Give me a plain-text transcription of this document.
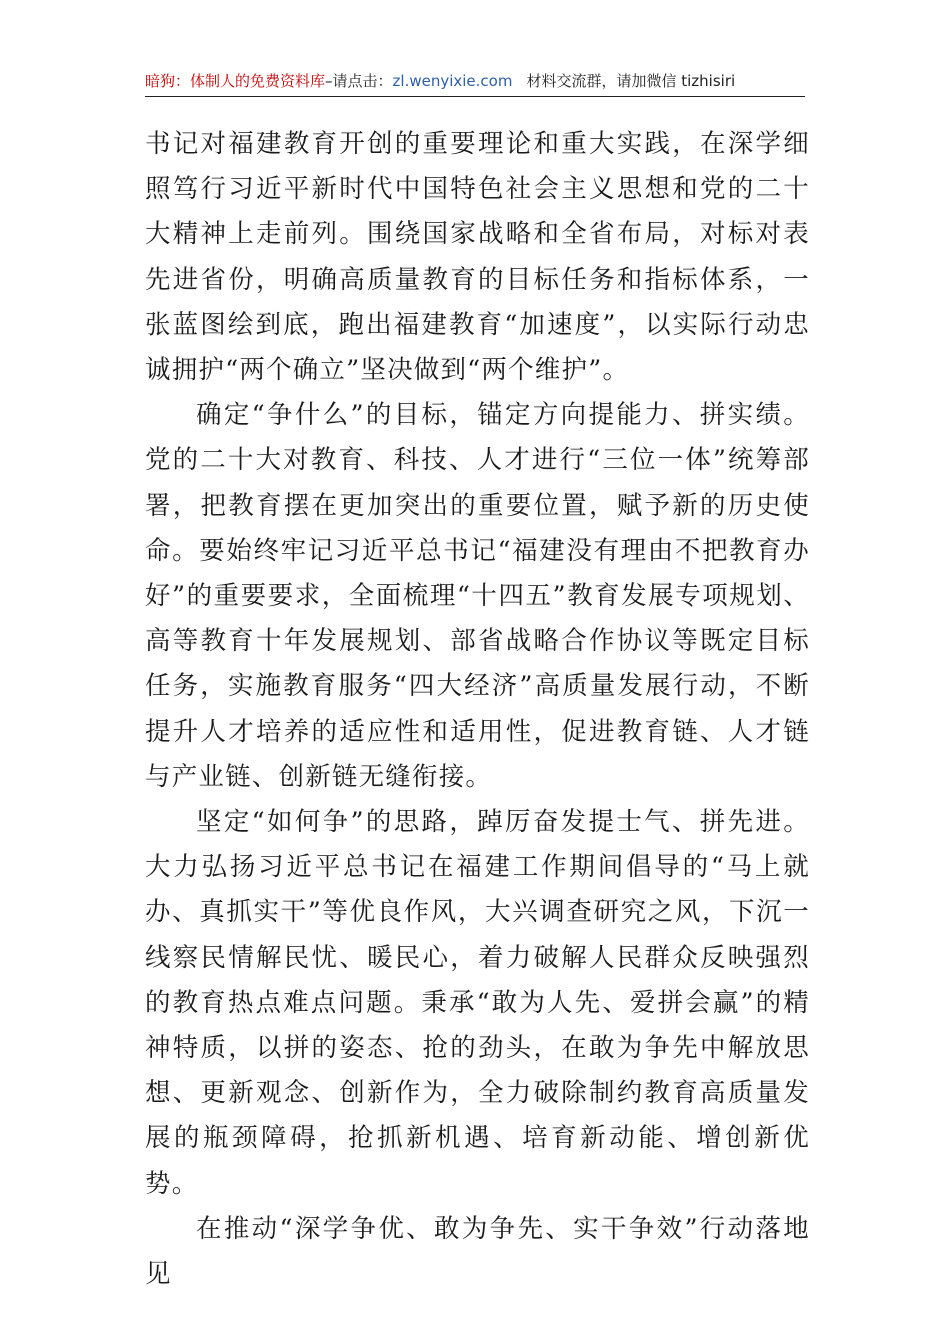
暗狗：体制人的免费资料库–请点击：zl.wenyixie.com 材料交流群，请加微信 tizhisiri

书记对福建教育开创的重要理论和重大实践，在深学细照笃行习近平新时代中国特色社会主义思想和党的二十大精神上走前列。围绕国家战略和全省布局，对标对表先进省份，明确高质量教育的目标任务和指标体系，一张蓝图绘到底，跑出福建教育“加速度”，以实际行动忠诚拥护“两个确立”坚决做到“两个维护”。

确定“争什么”的目标，锚定方向提能力、拼实绩。党的二十大对教育、科技、人才进行“三位一体”统筹部署，把教育摆在更加突出的重要位置，赋予新的历史使命。要始终牢记习近平总书记“福建没有理由不把教育办好”的重要要求，全面梳理“十四五”教育发展专项规划、高等教育十年发展规划、部省战略合作协议等既定目标任务，实施教育服务“四大经济”高质量发展行动，不断提升人才培养的适应性和适用性，促进教育链、人才链与产业链、创新链无缝衔接。

坚定“如何争”的思路，踔厉奋发提士气、拼先进。大力弘扬习近平总书记在福建工作期间倡导的“马上就办、真抓实干”等优良作风，大兴调查研究之风，下沉一线察民情解民忧、暖民心，着力破解人民群众反映强烈的教育热点难点问题。秉承“敢为人先、爱拼会赢”的精神特质，以拼的姿态、抢的劲头，在敢为争先中解放思想、更新观念、创新作为，全力破除制约教育高质量发展的瓶颈障碍，抢抓新机遇、培育新动能、增创新优势。

在推动“深学争优、敢为争先、实干争效”行动落地见
